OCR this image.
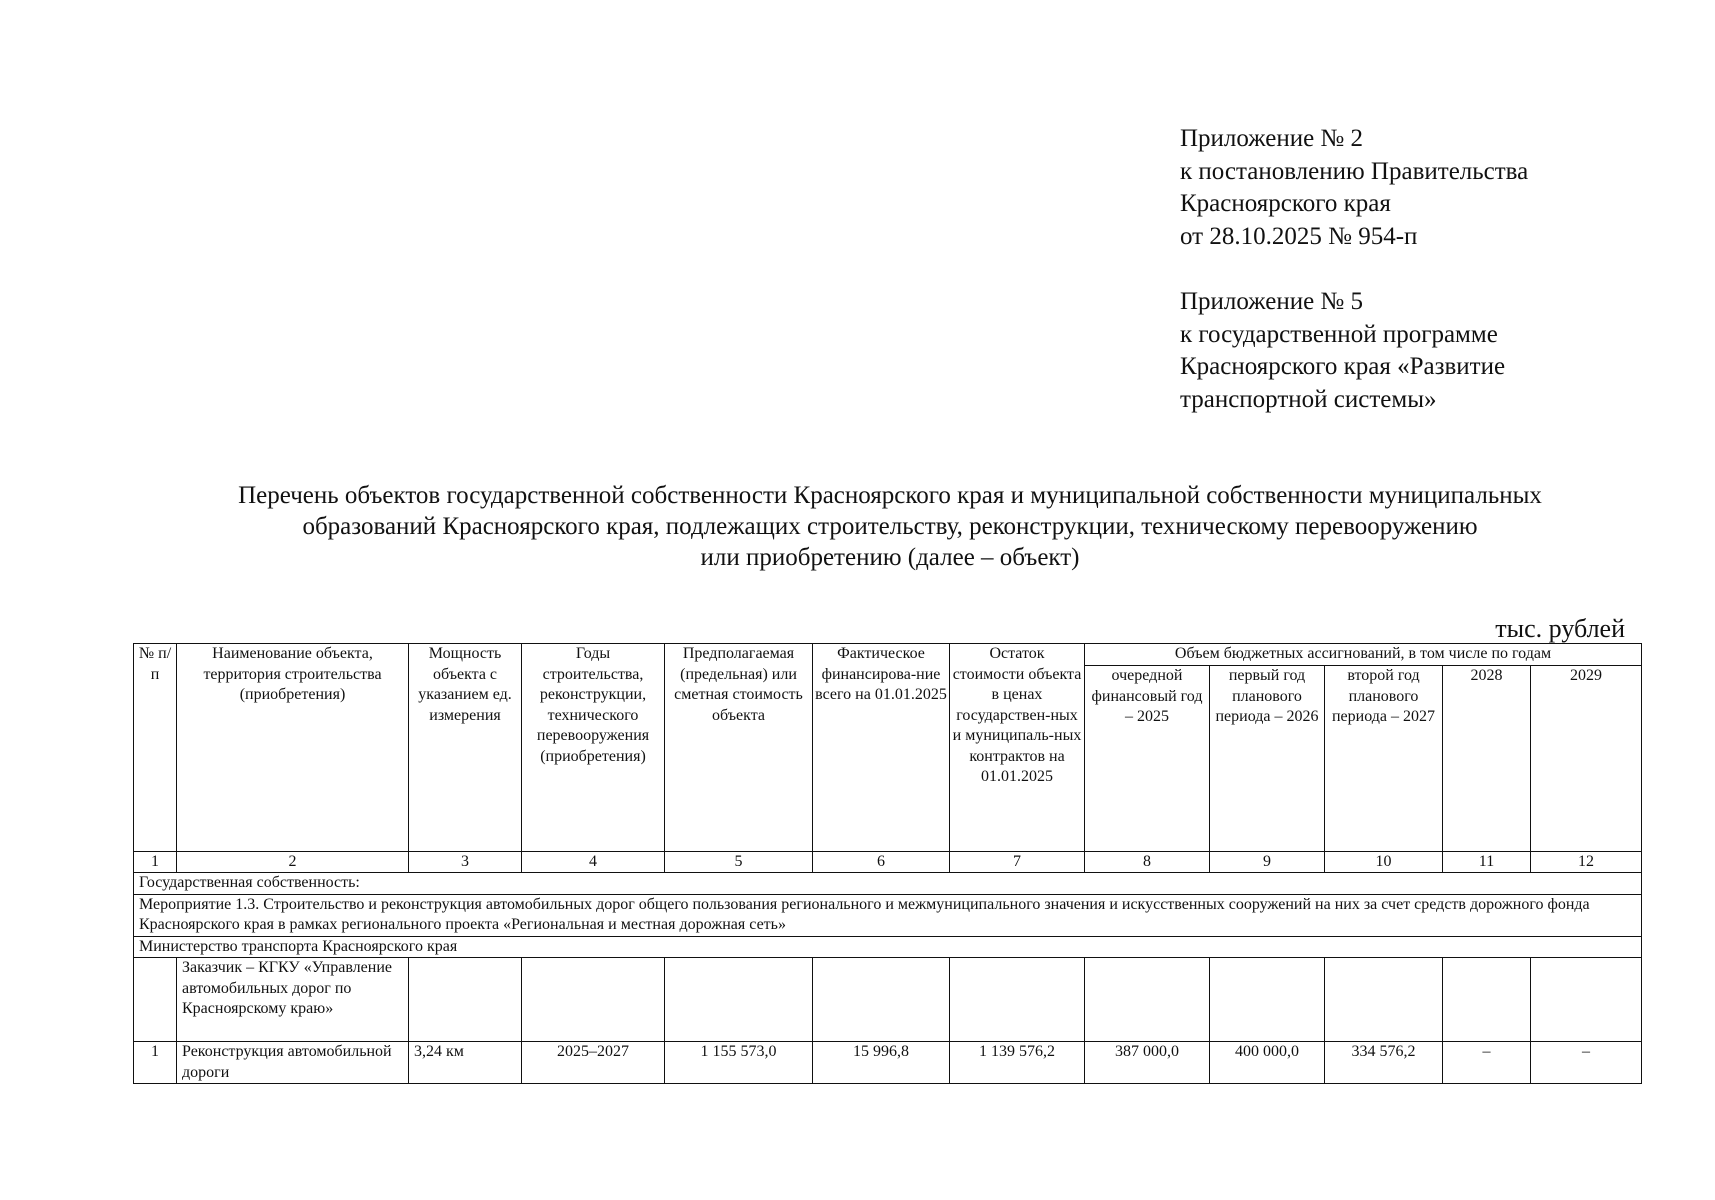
Приложение № 2
к постановлению Правительства
Красноярского края
от 28.10.2025 № 954-п
Приложение № 5
к государственной программе
Красноярского края «Развитие
транспортной системы»
Перечень объектов государственной собственности Красноярского края и муниципальной собственности муниципальных
образований Красноярского края, подлежащих строительству, реконструкции, техническому перевооружению
или приобретению (далее – объект)
тыс. рублей
№ п/п	Наименование объекта, территория строительства (приобретения)	Мощность объекта с указанием ед. измерения	Годы строительства, реконструкции, технического перевооружения (приобретения)	Предполагаемая (предельная) или сметная стоимость объекта	Фактическое финансирова-ние всего на 01.01.2025	Остаток стоимости объекта в ценах государствен-ных и муниципаль-ных контрактов на 01.01.2025	Объем бюджетных ассигнований, в том числе по годам				
							очередной финансовый год – 2025	первый год планового периода – 2026	второй год планового периода – 2027	2028	2029
1	2	3	4	5	6	7	8	9	10	11	12
Государственная собственность:											
Мероприятие 1.3. Строительство и реконструкция автомобильных дорог общего пользования регионального и межмуниципального значения и искусственных сооружений на них за счет средств дорожного фонда Красноярского края в рамках регионального проекта «Региональная и местная дорожная сеть»											
Министерство транспорта Красноярского края											
	Заказчик – КГКУ «Управление автомобильных дорог по Красноярскому краю»										
1	Реконструкция автомобильной дороги	3,24 км	2025–2027	1 155 573,0	15 996,8	1 139 576,2	387 000,0	400 000,0	334 576,2	–	–
